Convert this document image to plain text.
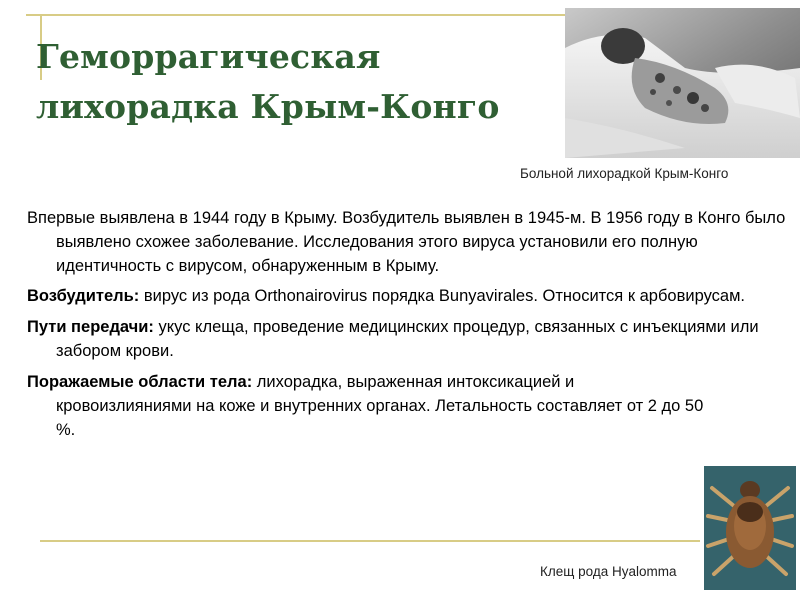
Геморрагическая лихорадка Крым-Конго
Больной лихорадкой Крым-Конго

Впервые выявлена в 1944 году в Крыму. Возбудитель выявлен в 1945-м. В 1956 году в Конго было выявлено схожее заболевание. Исследования этого вируса установили его полную идентичность с вирусом, обнаруженным в Крыму.

Возбудитель: вирус из рода Orthonairovirus порядка Bunyavirales. Относится к арбовирусам.

Пути передачи: укус клеща, проведение медицинских процедур, связанных с инъекциями или забором крови.

Поражаемые области тела: лихорадка, выраженная интоксикацией и кровоизлияниями на коже и внутренних органах. Летальность составляет от 2 до 50 %.

Клещ рода Hyalomma
